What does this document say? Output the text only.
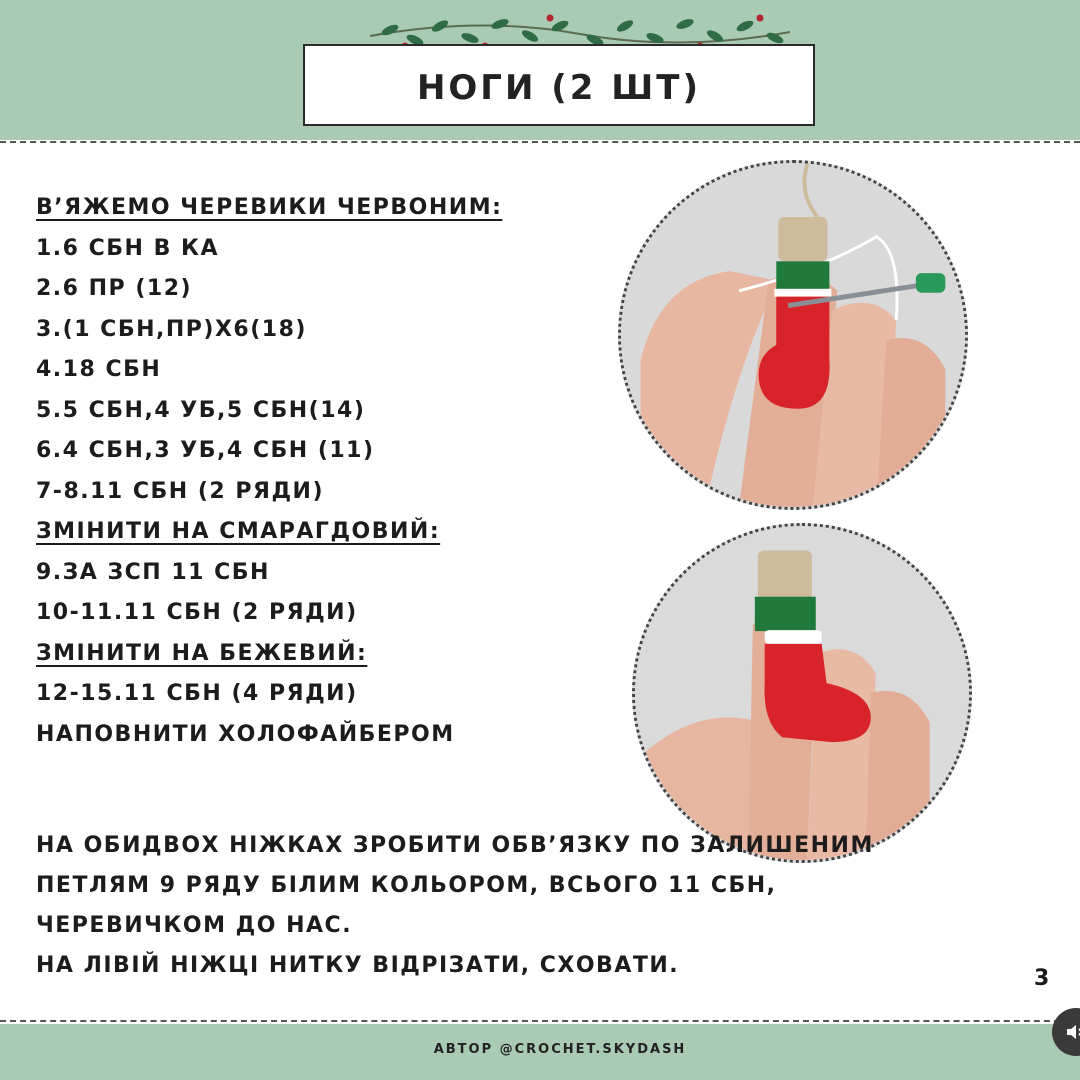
НОГИ (2 ШТ)
В’ЯЖЕМО ЧЕРЕВИКИ ЧЕРВОНИМ:
1.6 СБН В КА
2.6 ПР (12)
3.(1 СБН,ПР)Х6(18)
4.18 СБН
5.5 СБН,4 УБ,5 СБН(14)
6.4 СБН,3 УБ,4 СБН (11)
7-8.11 СБН (2 РЯДИ)
ЗМІНИТИ НА СМАРАГДОВИЙ:
9.ЗА ЗСП 11 СБН
10-11.11 СБН (2 РЯДИ)
ЗМІНИТИ НА БЕЖЕВИЙ:
12-15.11 СБН (4 РЯДИ)
НАПОВНИТИ ХОЛОФАЙБЕРОМ
НА ОБИДВОХ НІЖКАХ ЗРОБИТИ ОБВ’ЯЗКУ ПО ЗАЛИШЕНИМ
ПЕТЛЯМ 9 РЯДУ БІЛИМ КОЛЬОРОМ, ВСЬОГО 11 СБН,
ЧЕРЕВИЧКОМ ДО НАС.
НА ЛІВІЙ НІЖЦІ НИТКУ ВІДРІЗАТИ, СХОВАТИ.
3
АВТОР @CROCHET.SKYDASH
